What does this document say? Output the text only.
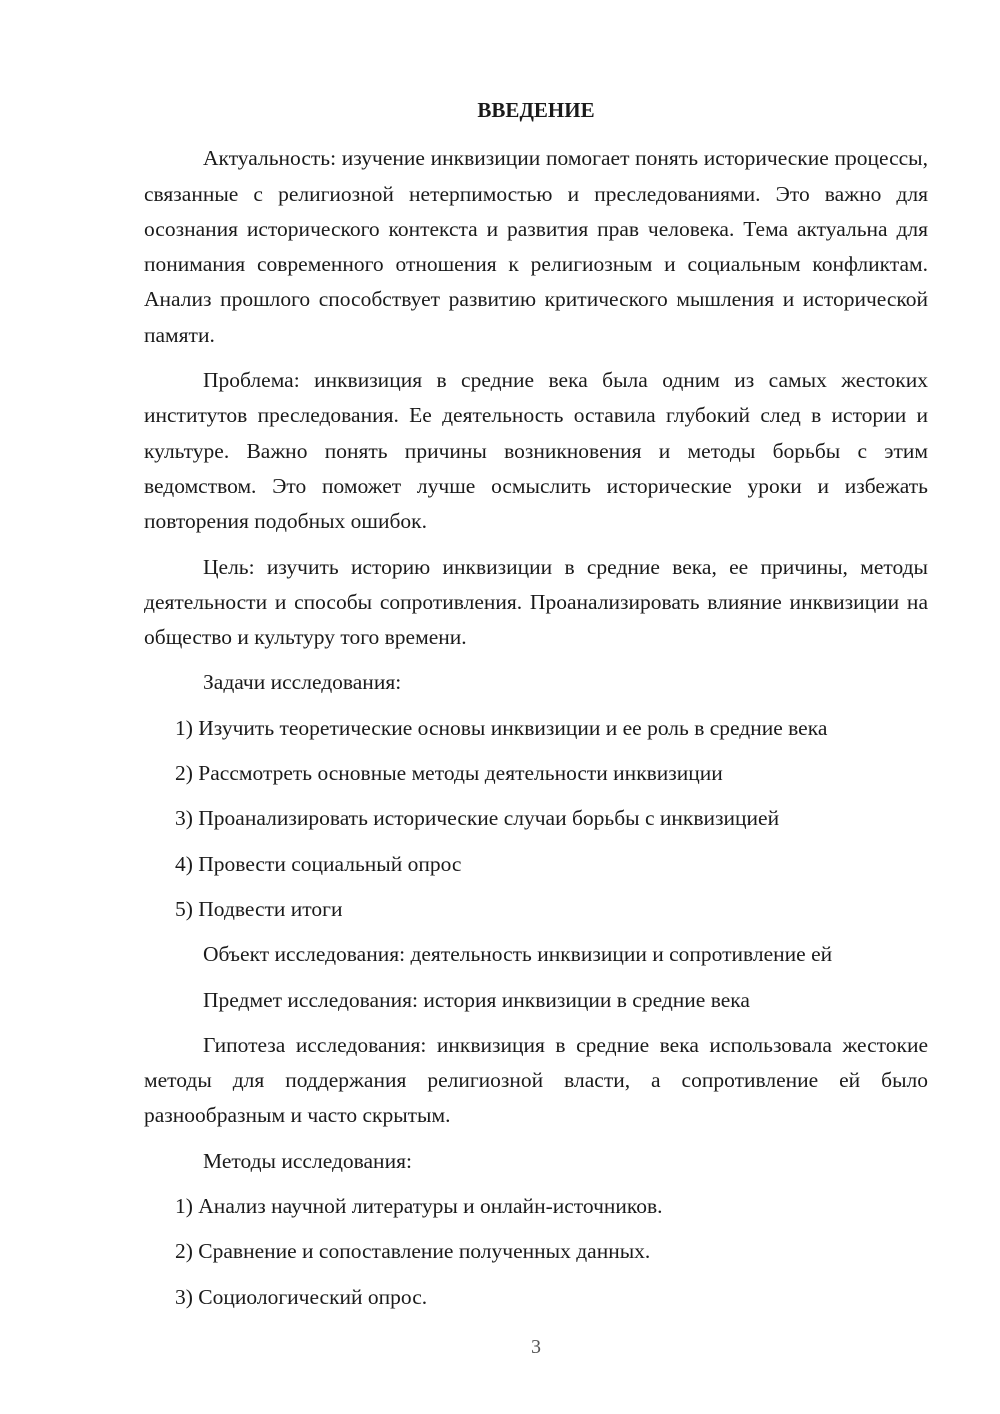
ВВЕДЕНИЕ

Актуальность: изучение инквизиции помогает понять исторические процессы, связанные с религиозной нетерпимостью и преследованиями. Это важно для осознания исторического контекста и развития прав человека. Тема актуальна для понимания современного отношения к религиозным и социальным конфликтам. Анализ прошлого способствует развитию критического мышления и исторической памяти.

Проблема: инквизиция в средние века была одним из самых жестоких институтов преследования. Ее деятельность оставила глубокий след в истории и культуре. Важно понять причины возникновения и методы борьбы с этим ведомством. Это поможет лучше осмыслить исторические уроки и избежать повторения подобных ошибок.

Цель: изучить историю инквизиции в средние века, ее причины, методы деятельности и способы сопротивления. Проанализировать влияние инквизиции на общество и культуру того времени.

Задачи исследования:
1) Изучить теоретические основы инквизиции и ее роль в средние века
2) Рассмотреть основные методы деятельности инквизиции
3) Проанализировать исторические случаи борьбы с инквизицией
4) Провести социальный опрос
5) Подвести итоги
Объект исследования: деятельность инквизиции и сопротивление ей
Предмет исследования: история инквизиции в средние века

Гипотеза исследования: инквизиция в средние века использовала жестокие методы для поддержания религиозной власти, а сопротивление ей было разнообразным и часто скрытым.

Методы исследования:
1) Анализ научной литературы и онлайн-источников.
2) Сравнение и сопоставление полученных данных.
3) Социологический опрос.
3
